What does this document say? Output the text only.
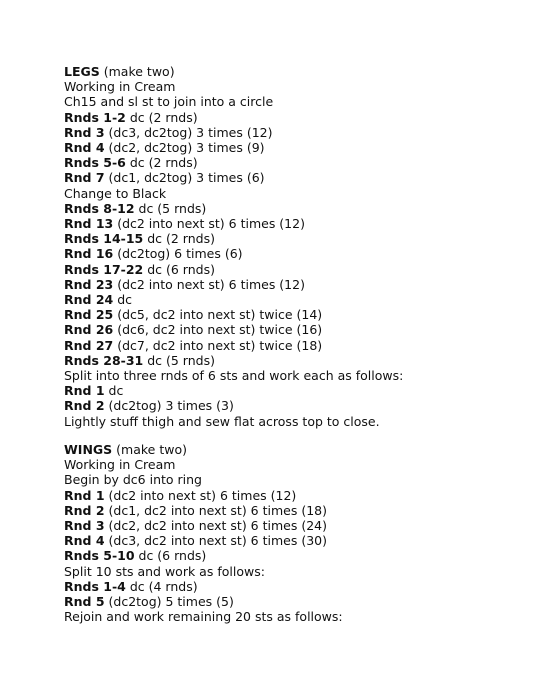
LEGS (make two)
Working in Cream
Ch15 and sl st to join into a circle
Rnds 1-2 dc (2 rnds)
Rnd 3 (dc3, dc2tog) 3 times (12)
Rnd 4 (dc2, dc2tog) 3 times (9)
Rnds 5-6 dc (2 rnds)
Rnd 7 (dc1, dc2tog) 3 times (6)
Change to Black
Rnds 8-12 dc (5 rnds)
Rnd 13 (dc2 into next st) 6 times (12)
Rnds 14-15 dc (2 rnds)
Rnd 16 (dc2tog) 6 times (6)
Rnds 17-22 dc (6 rnds)
Rnd 23 (dc2 into next st) 6 times (12)
Rnd 24 dc
Rnd 25 (dc5, dc2 into next st) twice (14)
Rnd 26 (dc6, dc2 into next st) twice (16)
Rnd 27 (dc7, dc2 into next st) twice (18)
Rnds 28-31 dc (5 rnds)
Split into three rnds of 6 sts and work each as follows:
Rnd 1 dc
Rnd 2 (dc2tog) 3 times (3)
Lightly stuff thigh and sew flat across top to close.
WINGS (make two)
Working in Cream
Begin by dc6 into ring
Rnd 1 (dc2 into next st) 6 times (12)
Rnd 2 (dc1, dc2 into next st) 6 times (18)
Rnd 3 (dc2, dc2 into next st) 6 times (24)
Rnd 4 (dc3, dc2 into next st) 6 times (30)
Rnds 5-10 dc (6 rnds)
Split 10 sts and work as follows:
Rnds 1-4 dc (4 rnds)
Rnd 5 (dc2tog) 5 times (5)
Rejoin and work remaining 20 sts as follows:
